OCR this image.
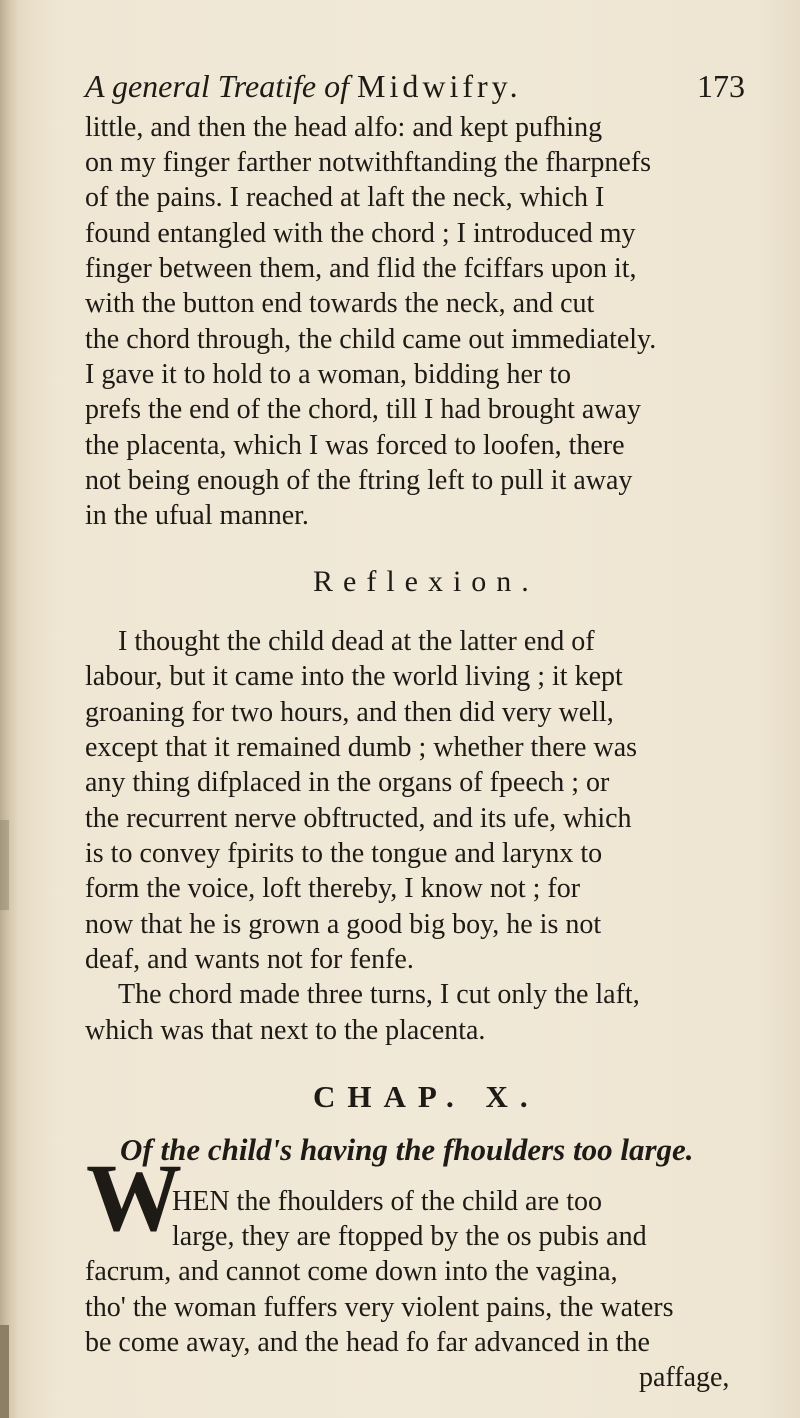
A general Treatife of Midwifry.	173
little, and then the head alfo: and kept pufhing
on my finger farther notwithftanding the fharpnefs
of the pains. I reached at laft the neck, which I
found entangled with the chord ; I introduced my
finger between them, and flid the fciffars upon it,
with the button end towards the neck, and cut
the chord through, the child came out immediately.
I gave it to hold to a woman, bidding her to
prefs the end of the chord, till I had brought away
the placenta, which I was forced to loofen, there
not being enough of the ftring left to pull it away
in the ufual manner.
Reflexion.
I thought the child dead at the latter end of
labour, but it came into the world living ; it kept
groaning for two hours, and then did very well,
except that it remained dumb ; whether there was
any thing difplaced in the organs of fpeech ; or
the recurrent nerve obftructed, and its ufe, which
is to convey fpirits to the tongue and larynx to
form the voice, loft thereby, I know not ; for
now that he is grown a good big boy, he is not
deaf, and wants not for fenfe.
The chord made three turns, I cut only the laft,
which was that next to the placenta.
CHAP. X.
Of the child's having the fhoulders too large.
W
HEN the fhoulders of the child are too
large, they are ftopped by the os pubis and
facrum, and cannot come down into the vagina,
tho' the woman fuffers very violent pains, the waters
be come away, and the head fo far advanced in the
paffage,
